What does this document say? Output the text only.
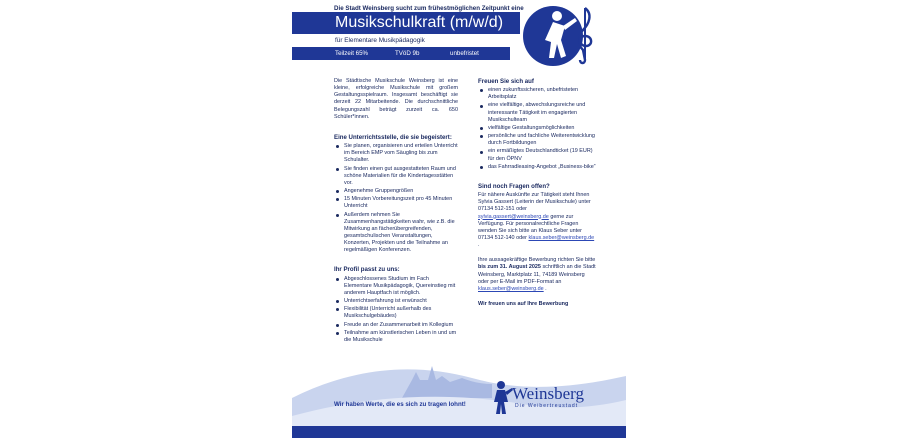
Die Stadt Weinsberg sucht zum frühestmöglichen Zeitpunkt eine
Musikschulkraft (m/w/d)
für Elementare Musikpädagogik
Teilzeit 65%	TVöD 9b	unbefristet

Die Städtische Musikschule Weinsberg ist eine kleine, erfolgreiche Musikschule mit großem Gestaltungsspielraum. Insgesamt beschäftigt sie derzeit 22 Mitarbeitende. Die durchschnittliche Belegungszahl beträgt zurzeit ca. 650 Schüler*innen.

Eine Unterrichtsstelle, die sie begeistert:
Sie planen, organisieren und erteilen Unterricht im Bereich EMP vom Säugling bis zum Schulalter.
Sie finden einen gut ausgestatteten Raum und schöne Materialien für die Kindertagesstätten vor.
Angenehme Gruppengrößen
15 Minuten Vorbereitungszeit pro 45 Minuten Unterricht
Außerdem nehmen Sie Zusammenhangstätigkeiten wahr, wie z.B. die Mitwirkung an fächerübergreifenden, gesamtschulischen Veranstaltungen, Konzerten, Projekten und die Teilnahme an regelmäßigen Konferenzen.
Ihr Profil passt zu uns:
Abgeschlossenes Studium im Fach Elementare Musikpädagogik, Quereinstieg mit anderem Hauptfach ist möglich.
Unterrichtserfahrung ist erwünscht
Flexibilität (Unterricht außerhalb des Musikschulgebäudes)
Freude an der Zusammenarbeit im Kollegium
Teilnahme am künstlerischen Leben in und um die Musikschule
Freuen Sie sich auf
einen zukunftssicheren, unbefristeten Arbeitsplatz
eine vielfältige, abwechslungsreiche und interessante Tätigkeit im engagierten Musikschulteam
vielfältige Gestaltungsmöglichkeiten
persönliche und fachliche Weiterentwicklung durch Fortbildungen
ein ermäßigtes Deutschlandticket (19 EUR) für den ÖPNV
das Fahrradleasing-Angebot „Business-bike“
Sind noch Fragen offen?

Für nähere Auskünfte zur Tätigkeit steht Ihnen Sylvia Gassert (Leiterin der Musikschule) unter 07134 512-151 oder sylvia.gassert@weinsberg.de gerne zur Verfügung. Für personalrechtliche Fragen wenden Sie sich bitte an Klaus Seber unter 07134 512-140 oder klaus.seber@weinsberg.de .

Ihre aussagekräftige Bewerbung richten Sie bitte bis zum 31. August 2025 schriftlich an die Stadt Weinsberg, Marktplatz 11, 74189 Weinsberg oder per E-Mail im PDF-Format an klaus.seber@weinsberg.de .

Wir freuen uns auf Ihre Bewerbung

Wir haben Werte, die es sich zu tragen lohnt!
Weinsberg
Die Weibertreustadt
